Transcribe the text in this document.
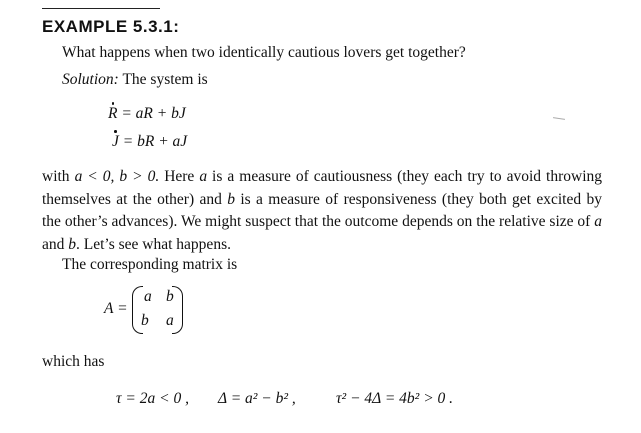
EXAMPLE 5.3.1:
What happens when two identically cautious lovers get together?
Solution: The system is
R = aR + bJ
J = bR + aJ
with a < 0, b > 0. Here a is a measure of cautiousness (they each try to avoid throwing themselves at the other) and b is a measure of responsiveness (they both get excited by the other’s advances). We might suspect that the outcome depends on the relative size of a and b. Let’s see what happens.
The corresponding matrix is
A =
a b
b a
which has
τ = 2a < 0 , Δ = a² − b² ,	τ² − 4Δ = 4b² > 0 .
